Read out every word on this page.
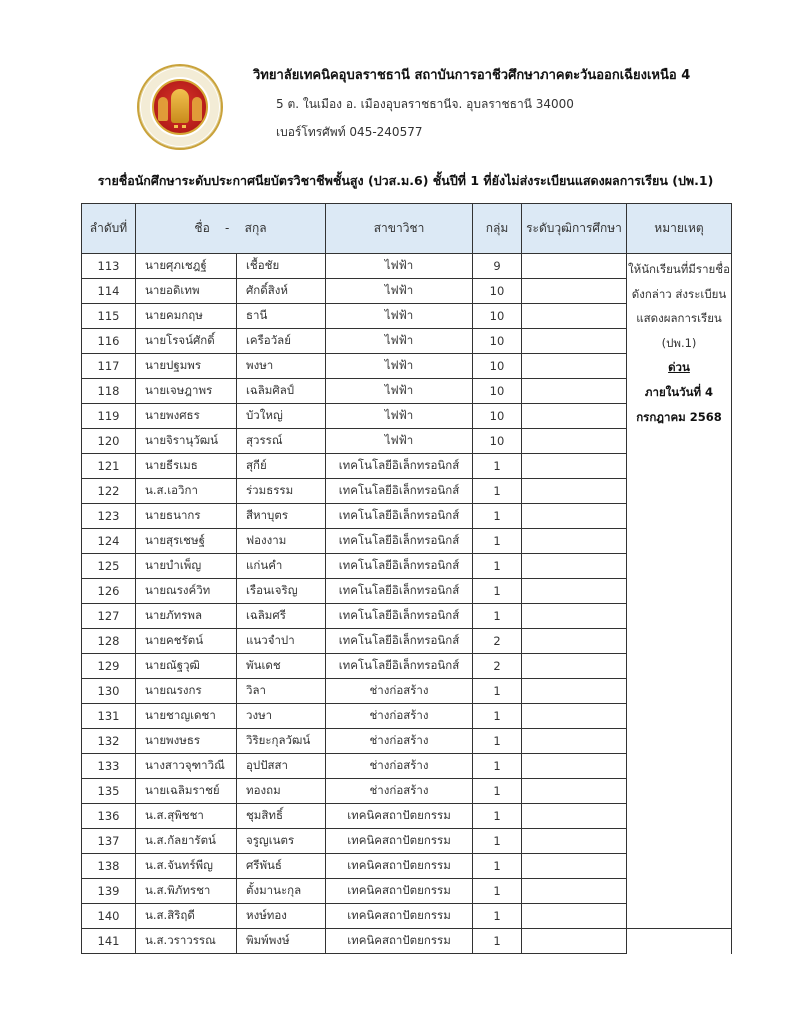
วิทยาลัยเทคนิคอุบลราชธานี สถาบันการอาชีวศึกษาภาคตะวันออกเฉียงเหนือ 4
5 ต. ในเมือง อ. เมืองอุบลราชธานีจ. อุบลราชธานี 34000
เบอร์โทรศัพท์ 045-240577
รายชื่อนักศึกษาระดับประกาศนียบัตรวิชาชีพชั้นสูง (ปวส.ม.6) ชั้นปีที่ 1 ที่ยังไม่ส่งระเบียนแสดงผลการเรียน (ปพ.1)
ลำดับที่	ชื่อ    -    สกุล		สาขาวิชา	กลุ่ม	ระดับวุฒิการศึกษา	หมายเหตุ
113	นายศุภเชฎฐ์	เชื้อชัย	ไฟฟ้า	9		ให้นักเรียนที่มีรายชื่อ
ดังกล่าว ส่งระเบียน
แสดงผลการเรียน
(ปพ.1)
ด่วน
ภายในวันที่ 4
กรกฎาคม 2568

114	นายอดิเทพ	ศักดิ์สิงห์	ไฟฟ้า	10		
115	นายคมกฤษ	ธานี	ไฟฟ้า	10		
116	นายโรจน์ศักดิ์	เครือวัลย์	ไฟฟ้า	10		
117	นายปฐมพร	พงษา	ไฟฟ้า	10		
118	นายเจษฎาพร	เฉลิมศิลป์	ไฟฟ้า	10		
119	นายพงศธร	บัวใหญ่	ไฟฟ้า	10		
120	นายจิรานุวัฒน์	สุวรรณ์	ไฟฟ้า	10		
121	นายธีรเมธ	สุกีย์	เทคโนโลยีอิเล็กทรอนิกส์	1		
122	น.ส.เอวิกา	ร่วมธรรม	เทคโนโลยีอิเล็กทรอนิกส์	1		
123	นายธนากร	สีหาบุตร	เทคโนโลยีอิเล็กทรอนิกส์	1		
124	นายสุรเชษฐ์	ฟองงาม	เทคโนโลยีอิเล็กทรอนิกส์	1		
125	นายบำเพ็ญ	แก่นคำ	เทคโนโลยีอิเล็กทรอนิกส์	1		
126	นายณรงค์วิท	เรือนเจริญ	เทคโนโลยีอิเล็กทรอนิกส์	1		
127	นายภัทรพล	เฉลิมศรี	เทคโนโลยีอิเล็กทรอนิกส์	1		
128	นายคชรัตน์	แนวจำปา	เทคโนโลยีอิเล็กทรอนิกส์	2		
129	นายณัฐวุฒิ	พันเดช	เทคโนโลยีอิเล็กทรอนิกส์	2		
130	นายณรงกร	วิลา	ช่างก่อสร้าง	1		
131	นายชาญเดชา	วงษา	ช่างก่อสร้าง	1		
132	นายพงษธร	วิริยะกุลวัฒน์	ช่างก่อสร้าง	1		
133	นางสาวจุฑาวิณี	อุปปัสสา	ช่างก่อสร้าง	1		
135	นายเฉลิมราชย์	ทองถม	ช่างก่อสร้าง	1		
136	น.ส.สุพิชชา	ชุมสิทธิ์	เทคนิคสถาปัตยกรรม	1		
137	น.ส.กัลยารัตน์	จรูญเนตร	เทคนิคสถาปัตยกรรม	1		
138	น.ส.จันทร์พีญ	ศรีพันธ์	เทคนิคสถาปัตยกรรม	1		
139	น.ส.พิภัทรชา	ตั้งมานะกุล	เทคนิคสถาปัตยกรรม	1		
140	น.ส.สิริฤดี	หงษ์ทอง	เทคนิคสถาปัตยกรรม	1		
141	น.ส.วราวรรณ	พิมพ์พงษ์	เทคนิคสถาปัตยกรรม	1		
